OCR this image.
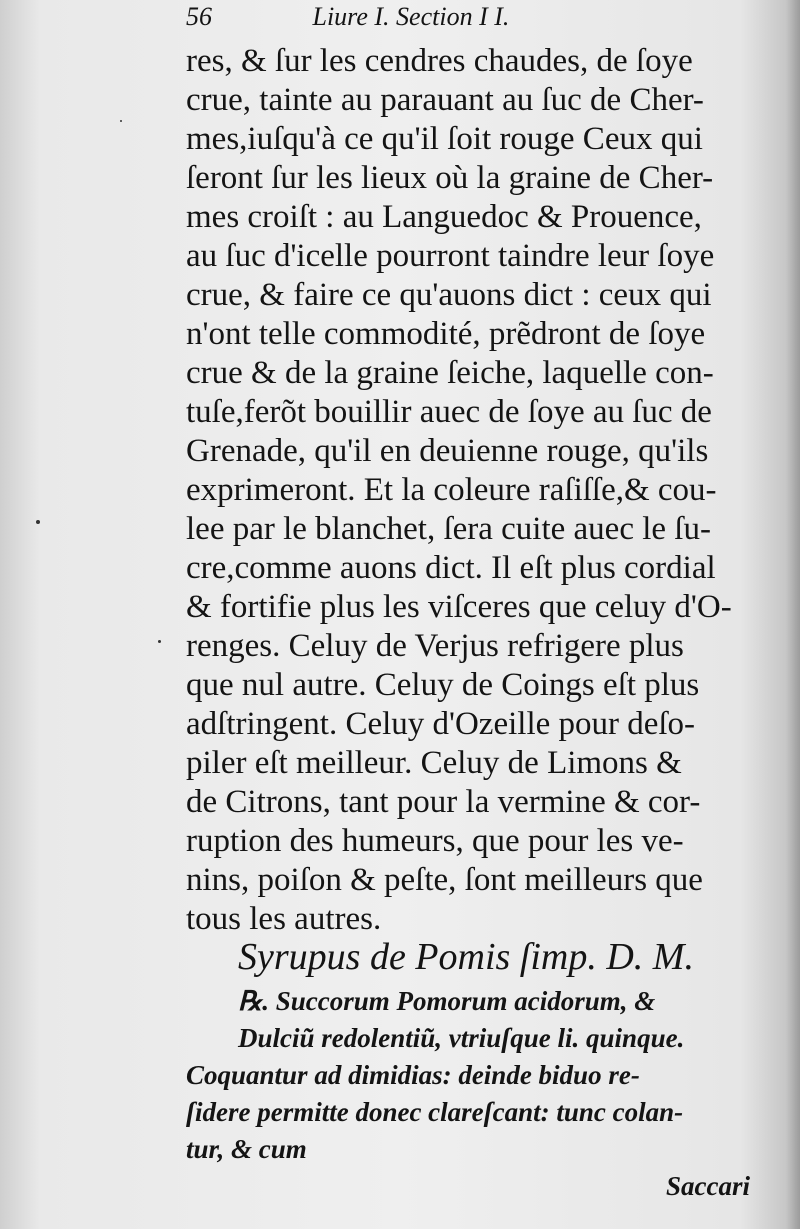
56	Liure I. Section I I.
res, & ſur les cendres chaudes, de ſoye
crue, tainte au parauant au ſuc de Cher-
mes,iuſqu'à ce qu'il ſoit rouge Ceux qui
ſeront ſur les lieux où la graine de Cher-
mes croiſt : au Languedoc & Prouence,
au ſuc d'icelle pourront taindre leur ſoye
crue, & faire ce qu'auons dict : ceux qui
n'ont telle commodité, prẽdront de ſoye
crue & de la graine ſeiche, laquelle con-
tuſe,ferõt bouillir auec de ſoye au ſuc de
Grenade, qu'il en deuienne rouge, qu'ils
exprimeront. Et la coleure raſiſſe,& cou-
lee par le blanchet, ſera cuite auec le ſu-
cre,comme auons dict. Il eſt plus cordial
& fortifie plus les viſceres que celuy d'O-
renges. Celuy de Verjus refrigere plus
que nul autre. Celuy de Coings eſt plus
adſtringent. Celuy d'Ozeille pour deſo-
piler eſt meilleur. Celuy de Limons &
de Citrons, tant pour la vermine & cor-
ruption des humeurs, que pour les ve-
nins, poiſon & peſte, ſont meilleurs que
tous les autres.
Syrupus de Pomis ſimp. D. M.
℞. Succorum Pomorum acidorum, &
Dulciũ redolentiũ, vtriuſque li. quinque.
Coquantur ad dimidias: deinde biduo re-
ſidere permitte donec clareſcant: tunc colan-
tur, & cum
Saccari
